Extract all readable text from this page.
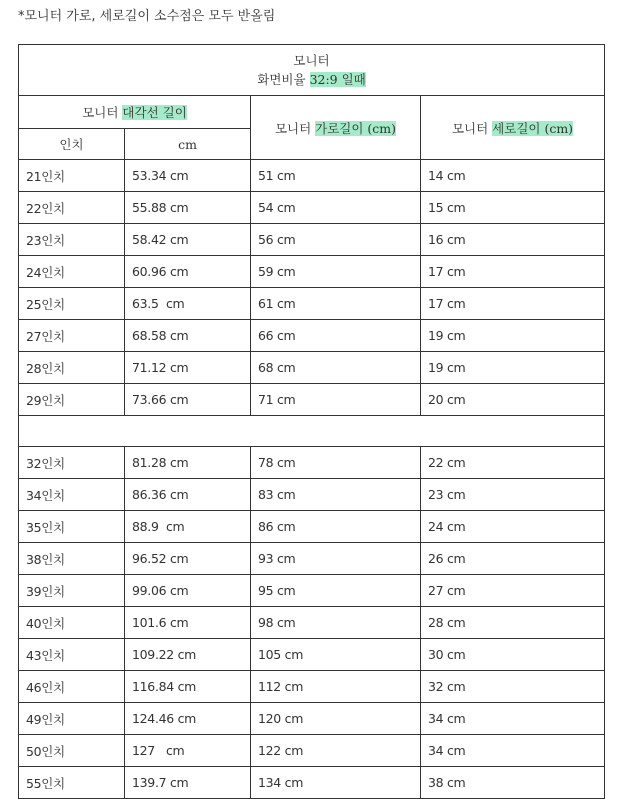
*모니터 가로, 세로길이 소수점은 모두 반올림
모니터
화면비율 32:9 일때			

모니터 대각선 길이		모니터 가로길이 (cm)	모니터 세로길이 (cm)
인치	cm		
21인치	53.34 cm	51 cm	14 cm
22인치	55.88 cm	54 cm	15 cm
23인치	58.42 cm	56 cm	16 cm
24인치	60.96 cm	59 cm	17 cm
25인치	63.5  cm	61 cm	17 cm
27인치	68.58 cm	66 cm	19 cm
28인치	71.12 cm	68 cm	19 cm
29인치	73.66 cm	71 cm	20 cm

32인치	81.28 cm	78 cm	22 cm
34인치	86.36 cm	83 cm	23 cm
35인치	88.9  cm	86 cm	24 cm
38인치	96.52 cm	93 cm	26 cm
39인치	99.06 cm	95 cm	27 cm
40인치	101.6 cm	98 cm	28 cm
43인치	109.22 cm	105 cm	30 cm
46인치	116.84 cm	112 cm	32 cm
49인치	124.46 cm	120 cm	34 cm
50인치	127   cm	122 cm	34 cm
55인치	139.7 cm	134 cm	38 cm
